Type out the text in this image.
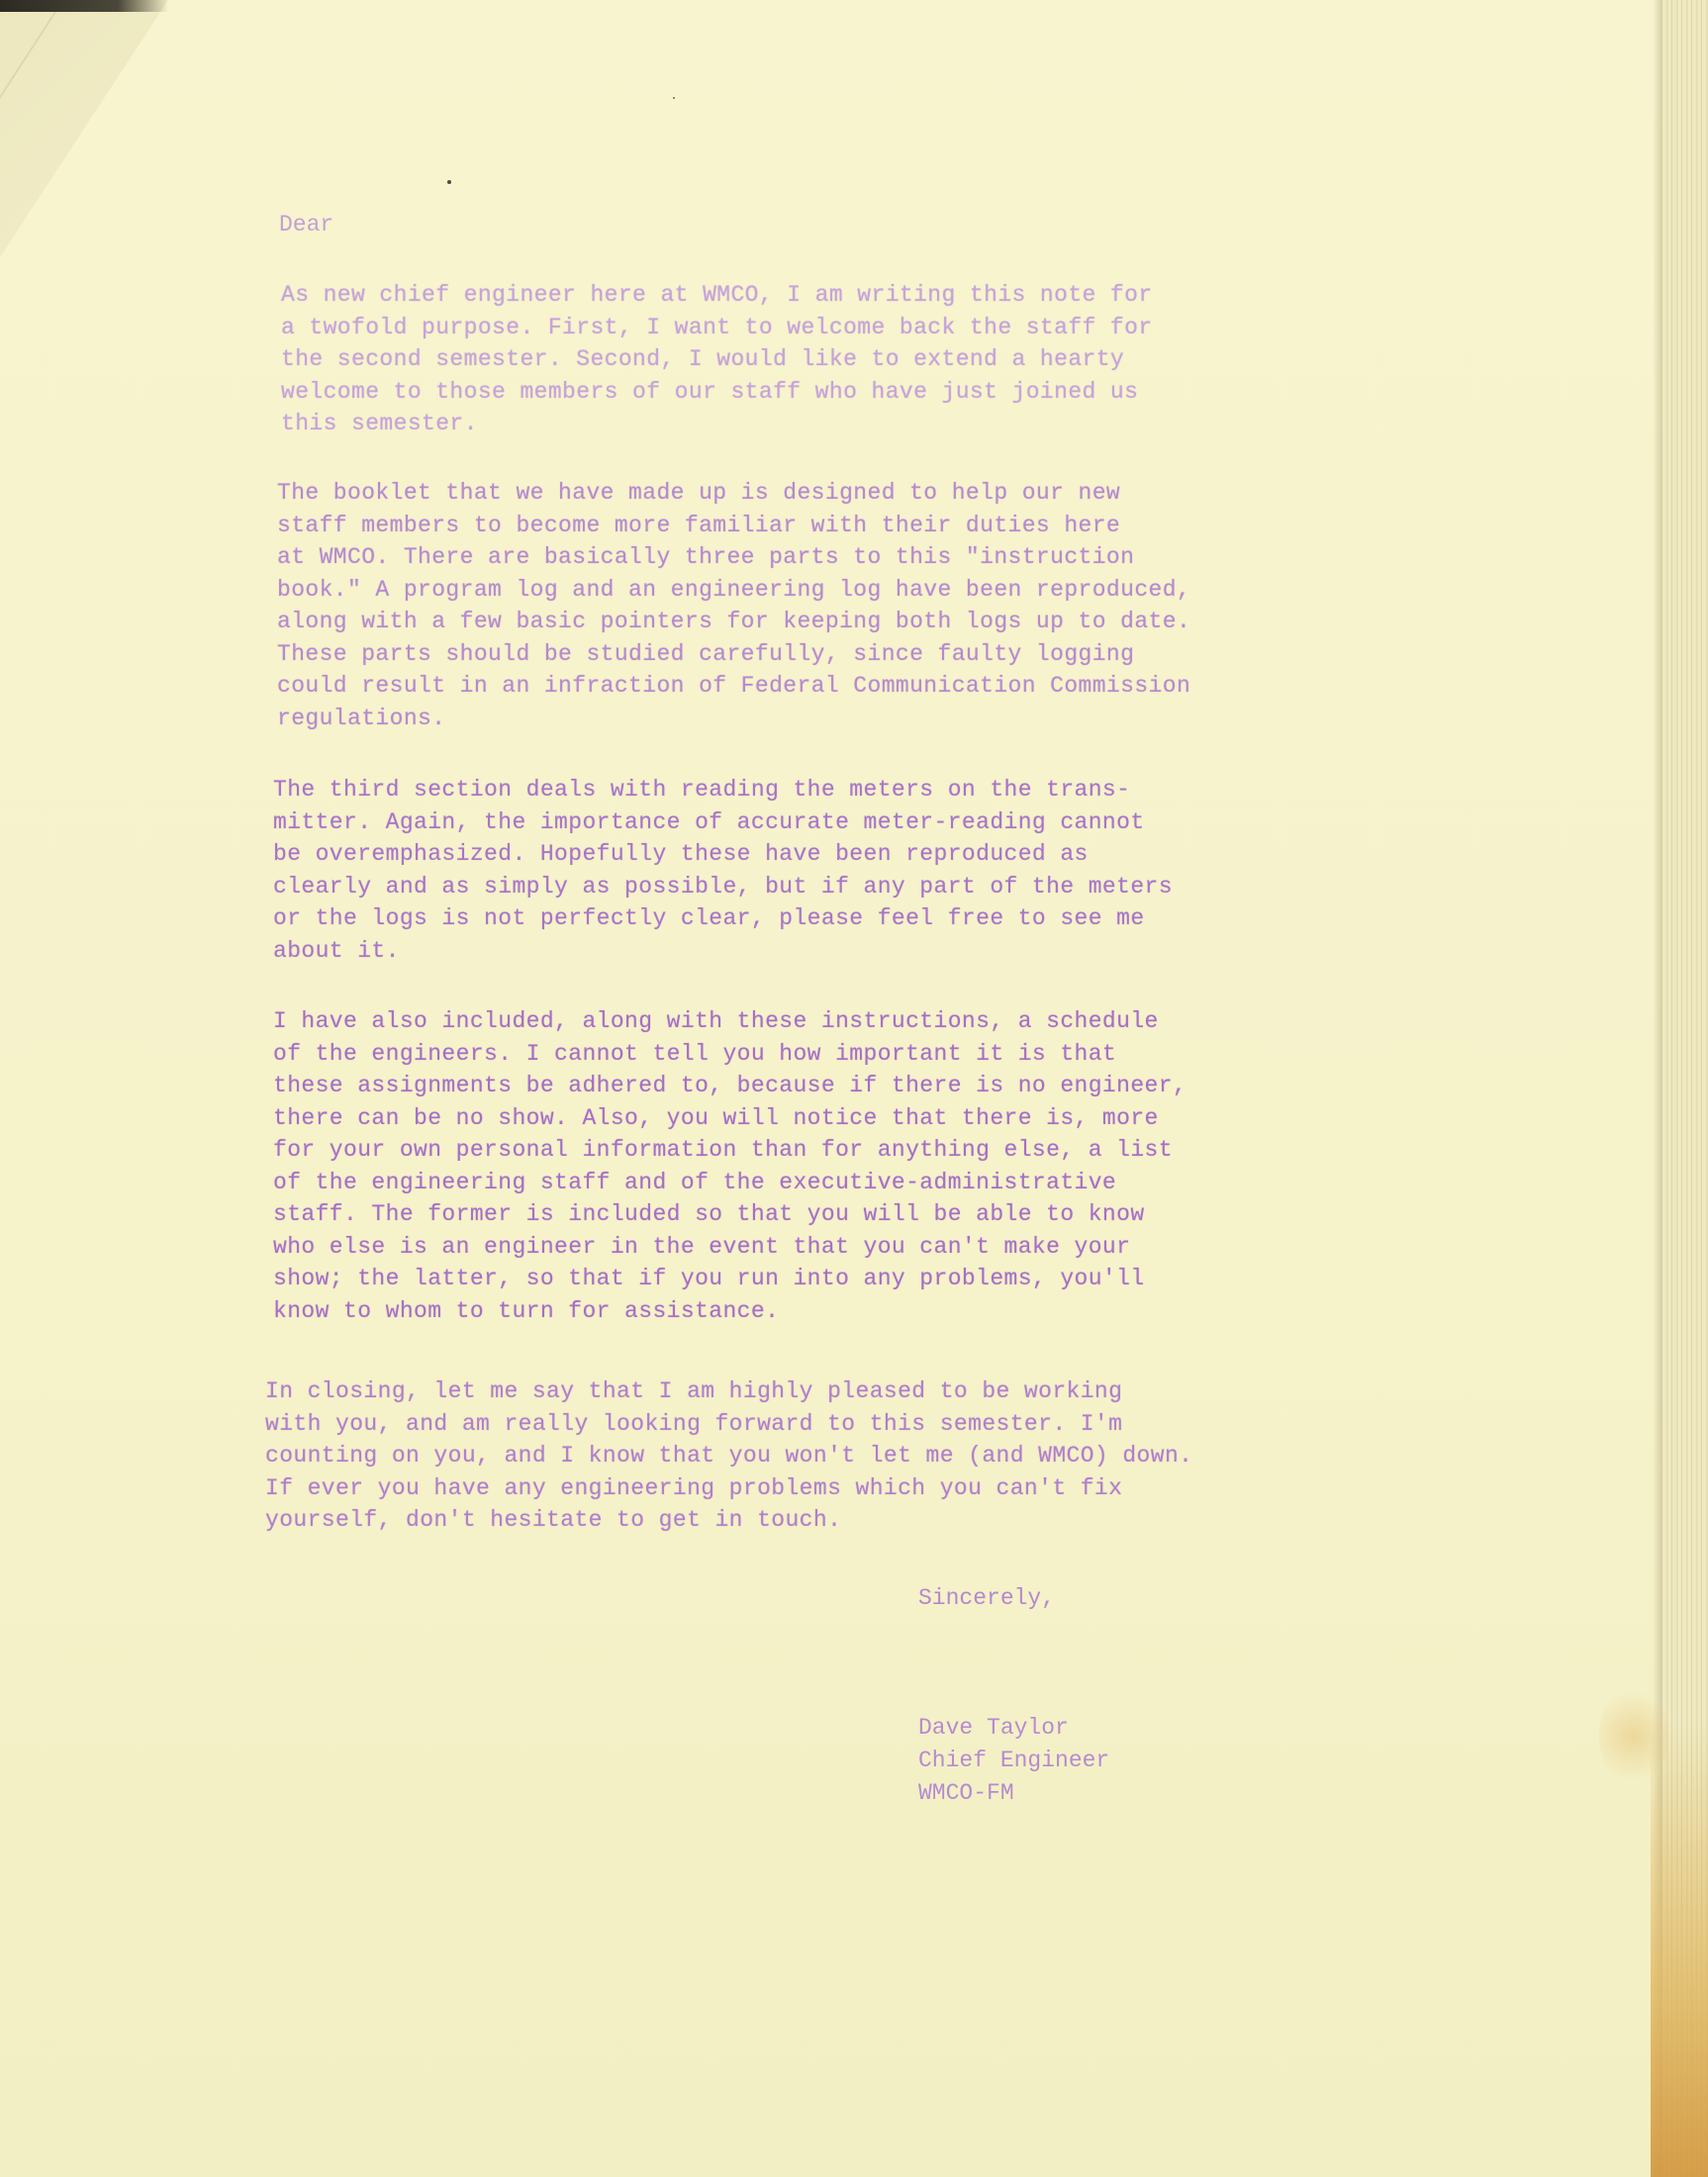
Dear

As new chief engineer here at WMCO, I am writing this note for
a twofold purpose. First, I want to welcome back the staff for
the second semester. Second, I would like to extend a hearty
welcome to those members of our staff who have just joined us
this semester.

The booklet that we have made up is designed to help our new
staff members to become more familiar with their duties here
at WMCO. There are basically three parts to this "instruction
book." A program log and an engineering log have been reproduced,
along with a few basic pointers for keeping both logs up to date.
These parts should be studied carefully, since faulty logging
could result in an infraction of Federal Communication Commission
regulations.

The third section deals with reading the meters on the trans-
mitter. Again, the importance of accurate meter-reading cannot
be overemphasized. Hopefully these have been reproduced as
clearly and as simply as possible, but if any part of the meters
or the logs is not perfectly clear, please feel free to see me
about it.

I have also included, along with these instructions, a schedule
of the engineers. I cannot tell you how important it is that
these assignments be adhered to, because if there is no engineer,
there can be no show. Also, you will notice that there is, more
for your own personal information than for anything else, a list
of the engineering staff and of the executive-administrative
staff. The former is included so that you will be able to know
who else is an engineer in the event that you can't make your
show; the latter, so that if you run into any problems, you'll
know to whom to turn for assistance.

In closing, let me say that I am highly pleased to be working
with you, and am really looking forward to this semester. I'm
counting on you, and I know that you won't let me (and WMCO) down.
If ever you have any engineering problems which you can't fix
yourself, don't hesitate to get in touch.

Sincerely,

Dave Taylor
Chief Engineer
WMCO-FM
